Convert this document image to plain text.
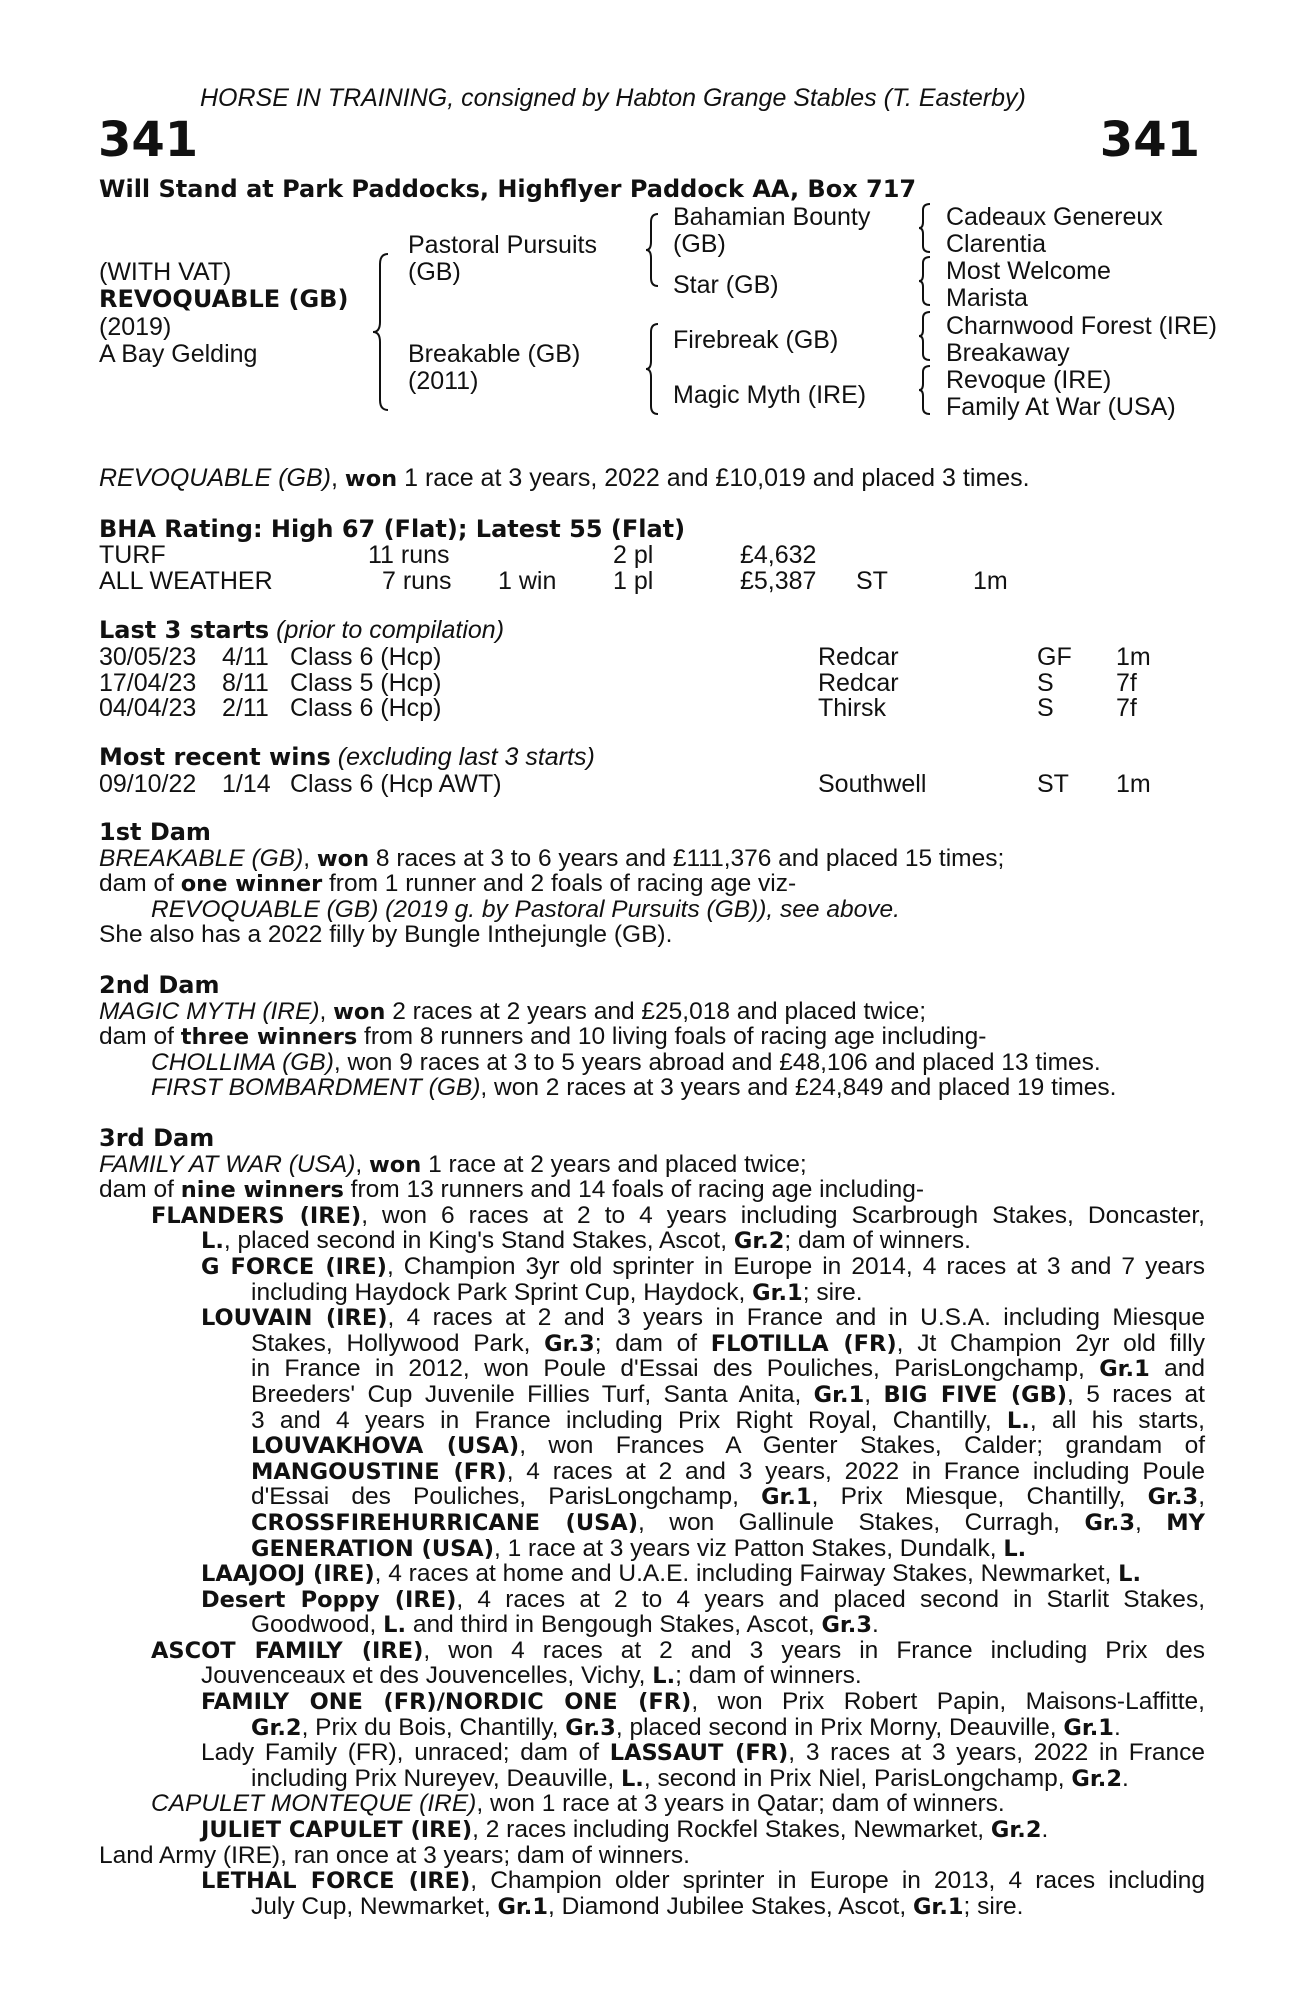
HORSE IN TRAINING, consigned by Habton Grange Stables (T. Easterby)
341	341
Will Stand at Park Paddocks, Highflyer Paddock AA, Box 717
(WITH VAT)
REVOQUABLE (GB)
(2019)
A Bay Gelding
Pastoral Pursuits
(GB)
Breakable (GB)
(2011)
Bahamian Bounty
(GB)
Star (GB)
Firebreak (GB)
Magic Myth (IRE)
Cadeaux Genereux
Clarentia
Most Welcome
Marista
Charnwood Forest (IRE)
Breakaway
Revoque (IRE)
Family At War (USA)
REVOQUABLE (GB), won 1 race at 3 years, 2022 and £10,019 and placed 3 times.
BHA Rating: High 67 (Flat); Latest 55 (Flat)
TURF	11 runs	2 pl	£4,632
ALL WEATHER	7 runs 1 win 1 pl	£5,387 ST	1m
Last 3 starts (prior to compilation)
30/05/23 4/11 Class 6 (Hcp)	Redcar	GF 1m
17/04/23 8/11 Class 5 (Hcp)	Redcar	S 7f
04/04/23 2/11 Class 6 (Hcp)	Thirsk	S 7f
Most recent wins (excluding last 3 starts)
09/10/22 1/14 Class 6 (Hcp AWT)	Southwell	ST 1m
1st Dam
BREAKABLE (GB), won 8 races at 3 to 6 years and £111,376 and placed 15 times;
dam of one winner from 1 runner and 2 foals of racing age viz-
REVOQUABLE (GB) (2019 g. by Pastoral Pursuits (GB)), see above.
She also has a 2022 filly by Bungle Inthejungle (GB).
2nd Dam
MAGIC MYTH (IRE), won 2 races at 2 years and £25,018 and placed twice;
dam of three winners from 8 runners and 10 living foals of racing age including-
CHOLLIMA (GB), won 9 races at 3 to 5 years abroad and £48,106 and placed 13 times.
FIRST BOMBARDMENT (GB), won 2 races at 3 years and £24,849 and placed 19 times.
3rd Dam
FAMILY AT WAR (USA), won 1 race at 2 years and placed twice;
dam of nine winners from 13 runners and 14 foals of racing age including-
FLANDERS (IRE), won 6 races at 2 to 4 years including Scarbrough Stakes, Doncaster,
L., placed second in King's Stand Stakes, Ascot, Gr.2; dam of winners.
G FORCE (IRE), Champion 3yr old sprinter in Europe in 2014, 4 races at 3 and 7 years
including Haydock Park Sprint Cup, Haydock, Gr.1; sire.
LOUVAIN (IRE), 4 races at 2 and 3 years in France and in U.S.A. including Miesque
Stakes, Hollywood Park, Gr.3; dam of FLOTILLA (FR), Jt Champion 2yr old filly
in France in 2012, won Poule d'Essai des Pouliches, ParisLongchamp, Gr.1 and
Breeders' Cup Juvenile Fillies Turf, Santa Anita, Gr.1, BIG FIVE (GB), 5 races at
3 and 4 years in France including Prix Right Royal, Chantilly, L., all his starts,
LOUVAKHOVA (USA), won Frances A Genter Stakes, Calder; grandam of
MANGOUSTINE (FR), 4 races at 2 and 3 years, 2022 in France including Poule
d'Essai des Pouliches, ParisLongchamp, Gr.1, Prix Miesque, Chantilly, Gr.3,
CROSSFIREHURRICANE (USA), won Gallinule Stakes, Curragh, Gr.3, MY
GENERATION (USA), 1 race at 3 years viz Patton Stakes, Dundalk, L.
LAAJOOJ (IRE), 4 races at home and U.A.E. including Fairway Stakes, Newmarket, L.
Desert Poppy (IRE), 4 races at 2 to 4 years and placed second in Starlit Stakes,
Goodwood, L. and third in Bengough Stakes, Ascot, Gr.3.
ASCOT FAMILY (IRE), won 4 races at 2 and 3 years in France including Prix des
Jouvenceaux et des Jouvencelles, Vichy, L.; dam of winners.
FAMILY ONE (FR)/NORDIC ONE (FR), won Prix Robert Papin, Maisons-Laffitte,
Gr.2, Prix du Bois, Chantilly, Gr.3, placed second in Prix Morny, Deauville, Gr.1.
Lady Family (FR), unraced; dam of LASSAUT (FR), 3 races at 3 years, 2022 in France
including Prix Nureyev, Deauville, L., second in Prix Niel, ParisLongchamp, Gr.2.
CAPULET MONTEQUE (IRE), won 1 race at 3 years in Qatar; dam of winners.
JULIET CAPULET (IRE), 2 races including Rockfel Stakes, Newmarket, Gr.2.
Land Army (IRE), ran once at 3 years; dam of winners.
LETHAL FORCE (IRE), Champion older sprinter in Europe in 2013, 4 races including
July Cup, Newmarket, Gr.1, Diamond Jubilee Stakes, Ascot, Gr.1; sire.
